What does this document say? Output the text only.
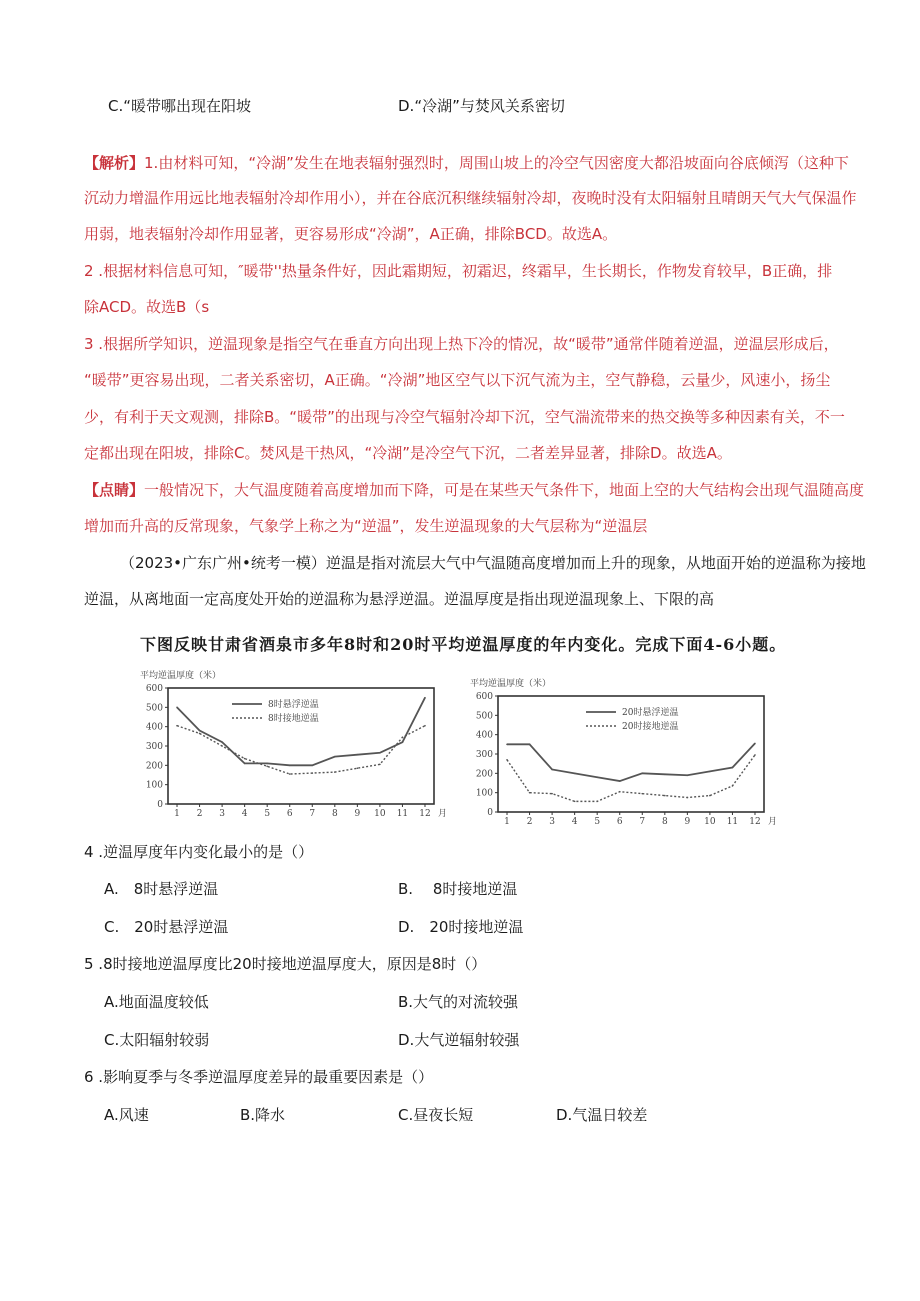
C.“暖带哪出现在阳坡	D.“冷湖”与焚风关系密切
【解析】1.由材料可知，“冷湖”发生在地表辐射强烈时，周围山坡上的冷空气因密度大都沿坡面向谷底倾泻（这种下
沉动力增温作用远比地表辐射冷却作用小），并在谷底沉积继续辐射冷却，夜晚时没有太阳辐射且晴朗天气大气保温作
用弱，地表辐射冷却作用显著，更容易形成“冷湖”，A正确，排除BCD。故选A。
2 .根据材料信息可知，″暖带''热量条件好，因此霜期短，初霜迟，终霜早，生长期长，作物发育较早，B正确，排
除ACD。故选B（s
3 .根据所学知识，逆温现象是指空气在垂直方向出现上热下冷的情况，故“暖带”通常伴随着逆温，逆温层形成后，
“暖带”更容易出现，二者关系密切，A正确。“冷湖”地区空气以下沉气流为主，空气静稳，云量少，风速小，扬尘
少，有利于天文观测，排除B。“暖带”的出现与冷空气辐射冷却下沉，空气湍流带来的热交换等多种因素有关，不一
定都出现在阳坡，排除C。焚风是干热风，“冷湖”是冷空气下沉，二者差异显著，排除D。故选A。
【点睛】一般情况下，大气温度随着高度增加而下降，可是在某些天气条件下，地面上空的大气结构会出现气温随高度
增加而升高的反常现象，气象学上称之为“逆温”，发生逆温现象的大气层称为“逆温层
（2023•广东广州•统考一模）逆温是指对流层大气中气温随高度增加而上升的现象，从地面开始的逆温称为接地
逆温，从离地面一定高度处开始的逆温称为悬浮逆温。逆温厚度是指出现逆温现象上、下限的高
下图反映甘肃省酒泉市多年8时和20时平均逆温厚度的年内变化。完成下面4-6小题。
平均逆温厚度（米）
0
100
200
300
400
500
600
1 2 3 4 5 6 7 8 9 10 11 12 月
8时悬浮逆温
8时接地逆温
平均逆温厚度（米）
0
100
200
300
400
500
600
1 2 3 4 5 6 7 8 9 10 11 12 月
20时悬浮逆温
20时接地逆温
4 .逆温厚度年内变化最小的是（）
A.　8时悬浮逆温	B.　 8时接地逆温
C.　20时悬浮逆温	D.　20时接地逆温
5 .8时接地逆温厚度比20时接地逆温厚度大，原因是8时（）
A.地面温度较低	B.大气的对流较强
C.太阳辐射较弱	D.大气逆辐射较强
6 .影响夏季与冬季逆温厚度差异的最重要因素是（）
A.风速	B.降水	C.昼夜长短	D.气温日较差
